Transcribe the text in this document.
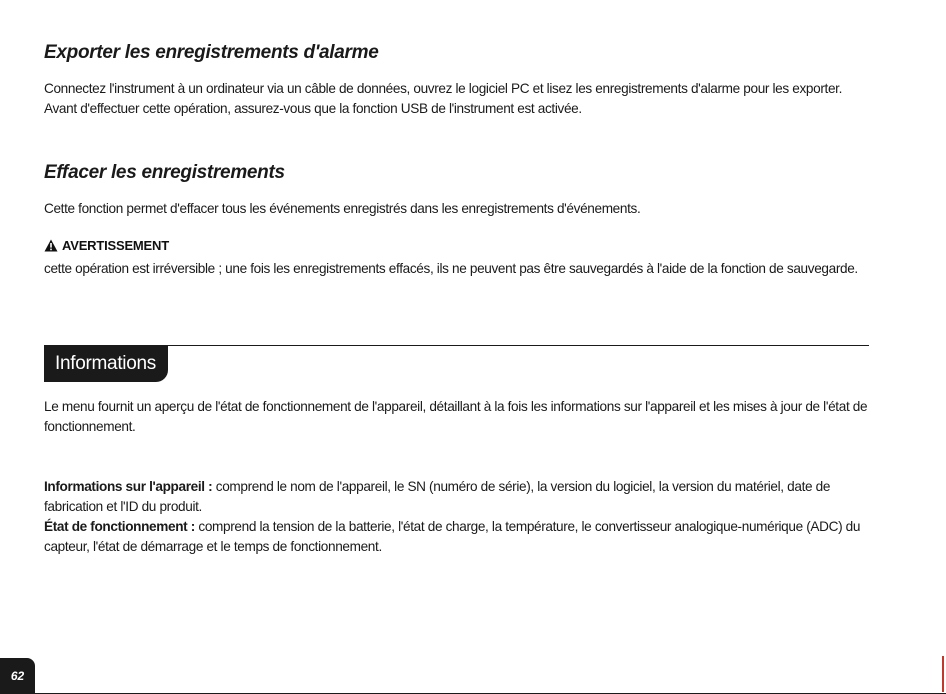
Exporter les enregistrements d'alarme

Connectez l'instrument à un ordinateur via un câble de données, ouvrez le logiciel PC et lisez les enregistrements d'alarme pour les exporter. Avant d'effectuer cette opération, assurez-vous que la fonction USB de l'instrument est activée.

Effacer les enregistrements

Cette fonction permet d'effacer tous les événements enregistrés dans les enregistrements d'événements.

AVERTISSEMENT

cette opération est irréversible ; une fois les enregistrements effacés, ils ne peuvent pas être sauvegardés à l'aide de la fonction de sauvegarde.

Informations

Le menu fournit un aperçu de l'état de fonctionnement de l'appareil, détaillant à la fois les informations sur l'appareil et les mises à jour de l'état de fonctionnement.

Informations sur l'appareil : comprend le nom de l'appareil, le SN (numéro de série), la version du logiciel, la version du matériel, date de fabrication et l'ID du produit.

État de fonctionnement : comprend la tension de la batterie, l'état de charge, la température, le convertisseur analogique-numérique (ADC) du capteur, l'état de démarrage et le temps de fonctionnement.

62
